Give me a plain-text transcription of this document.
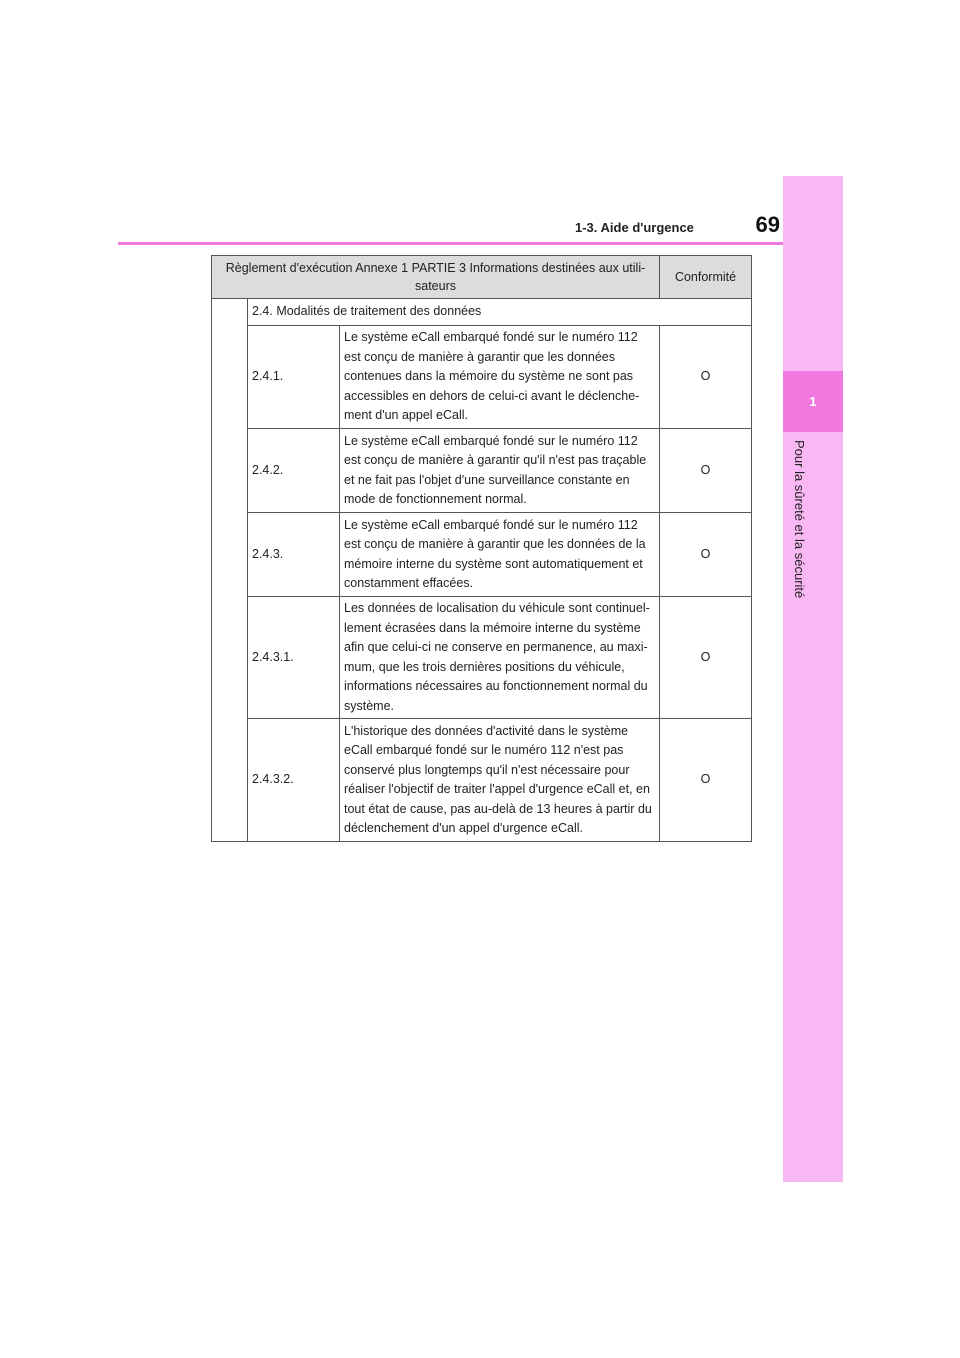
1
Pour la sûreté et la sécurité
1-3. Aide d'urgence	69
Règlement d'exécution Annexe 1 PARTIE 3 Informations destinées aux utili-sateurs			Conformité
	2.4. Modalités de traitement des données		
	2.4.1.	Le système eCall embarqué fondé sur le numéro 112 est conçu de manière à garantir que les données contenues dans la mémoire du système ne sont pas accessibles en dehors de celui-ci avant le déclenche-ment d'un appel eCall.	O
	2.4.2.	Le système eCall embarqué fondé sur le numéro 112 est conçu de manière à garantir qu'il n'est pas traçable et ne fait pas l'objet d'une surveillance constante en mode de fonctionnement normal.	O
	2.4.3.	Le système eCall embarqué fondé sur le numéro 112 est conçu de manière à garantir que les données de la mémoire interne du système sont automatiquement et constamment effacées.	O
	2.4.3.1.	Les données de localisation du véhicule sont continuel-lement écrasées dans la mémoire interne du système afin que celui-ci ne conserve en permanence, au maxi-mum, que les trois dernières positions du véhicule, informations nécessaires au fonctionnement normal du système.	O
	2.4.3.2.	L'historique des données d'activité dans le système eCall embarqué fondé sur le numéro 112 n'est pas conservé plus longtemps qu'il n'est nécessaire pour réaliser l'objectif de traiter l'appel d'urgence eCall et, en tout état de cause, pas au-delà de 13 heures à partir du déclenchement d'un appel d'urgence eCall.	O
